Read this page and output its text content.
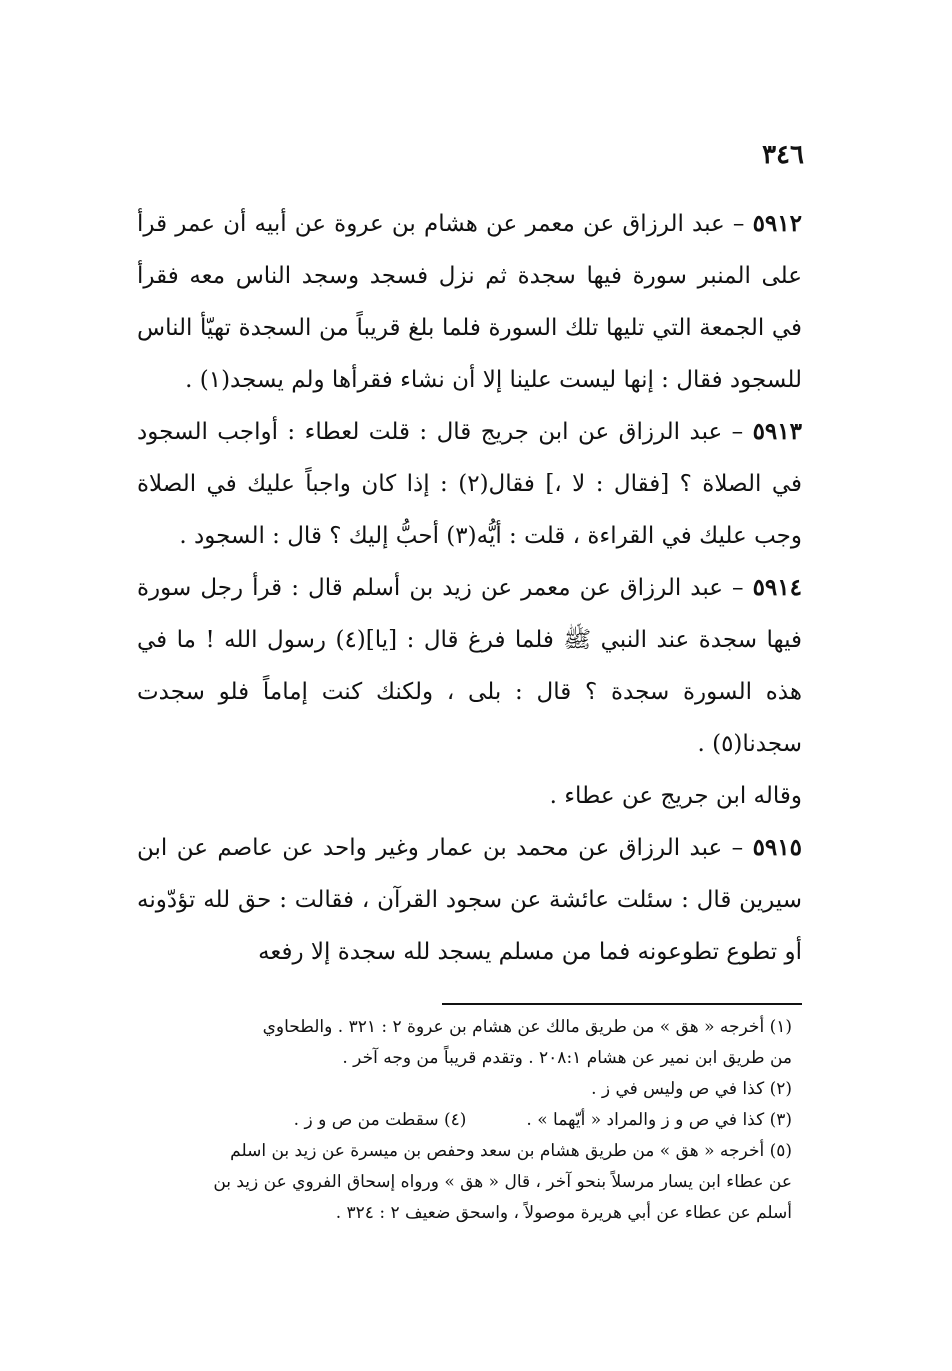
٣٤٦

٥٩١٢ – عبد الرزاق عن معمر عن هشام بن عروة عن أبيه أن عمر قرأ على المنبر سورة فيها سجدة ثم نزل فسجد وسجد الناس معه فقرأ في الجمعة التي تليها تلك السورة فلما بلغ قريباً من السجدة تهيّأ الناس للسجود فقال : إنها ليست علينا إلا أن نشاء فقرأها ولم يسجد(١) .

٥٩١٣ – عبد الرزاق عن ابن جريج قال : قلت لعطاء : أواجب السجود في الصلاة ؟ [فقال : لا ،] فقال(٢) : إذا كان واجباً عليك في الصلاة وجب عليك في القراءة ، قلت : أيُّه(٣) أحبُّ إليك ؟ قال : السجود .

٥٩١٤ – عبد الرزاق عن معمر عن زيد بن أسلم قال : قرأ رجل سورة فيها سجدة عند النبي ﷺ فلما فرغ قال : [يا](٤) رسول الله ! ما في هذه السورة سجدة ؟ قال : بلى ، ولكنك كنت إماماً فلو سجدت سجدنا(٥) .

وقاله ابن جريج عن عطاء .

٥٩١٥ – عبد الرزاق عن محمد بن عمار وغير واحد عن عاصم عن ابن سيرين قال : سئلت عائشة عن سجود القرآن ، فقالت : حق لله تؤدّونه أو تطوع تطوعونه فما من مسلم يسجد لله سجدة إلا رفعه

(١) أخرجه « هق » من طريق مالك عن هشام بن عروة ٢ : ٣٢١ . والطحاوي

من طريق ابن نمير عن هشام ٢٠٨:١ . وتقدم قريباً من وجه آخر .

(٢) كذا في ص وليس في ز .

(٣) كذا في ص و ز والمراد « أيّهما » .(٤) سقطت من ص و ز .

(٥) أخرجه « هق » من طريق هشام بن سعد وحفص بن ميسرة عن زيد بن اسلم

عن عطاء ابن يسار مرسلاً بنحو آخر ، قال « هق » ورواه إسحاق الفروي عن زيد بن

أسلم عن عطاء عن أبي هريرة موصولاً ، واسحق ضعيف ٢ : ٣٢٤ .
